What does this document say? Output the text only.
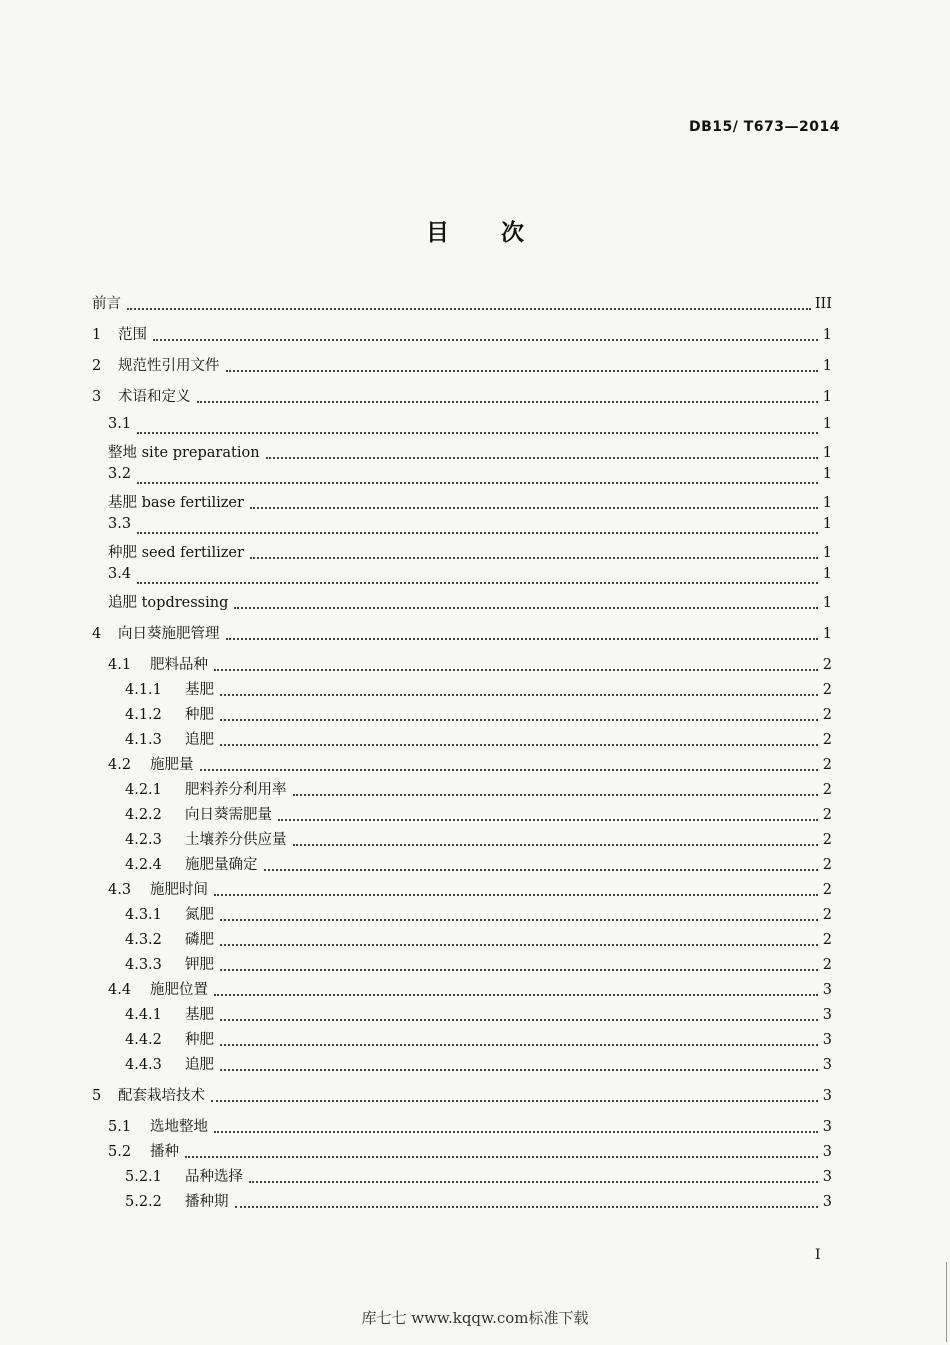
DB15/ T673—2014
目次
前言	III
1	范围	1
2	规范性引用文件	1
3	术语和定义	1
3.1	1
整地 site preparation	1
3.2	1
基肥 base fertilizer	1
3.3	1
种肥 seed fertilizer	1
3.4	1
追肥 topdressing	1
4	向日葵施肥管理	1
4.1	肥料品种	2
4.1.1	基肥	2
4.1.2	种肥	2
4.1.3	追肥	2
4.2	施肥量	2
4.2.1	肥料养分利用率	2
4.2.2	向日葵需肥量	2
4.2.3	土壤养分供应量	2
4.2.4	施肥量确定	2
4.3	施肥时间	2
4.3.1	氮肥	2
4.3.2	磷肥	2
4.3.3	钾肥	2
4.4	施肥位置	3
4.4.1	基肥	3
4.4.2	种肥	3
4.4.3	追肥	3
5	配套栽培技术	3
5.1	选地整地	3
5.2	播种	3
5.2.1	品种选择	3
5.2.2	播种期	3
I
库七七 www.kqqw.com标准下载
